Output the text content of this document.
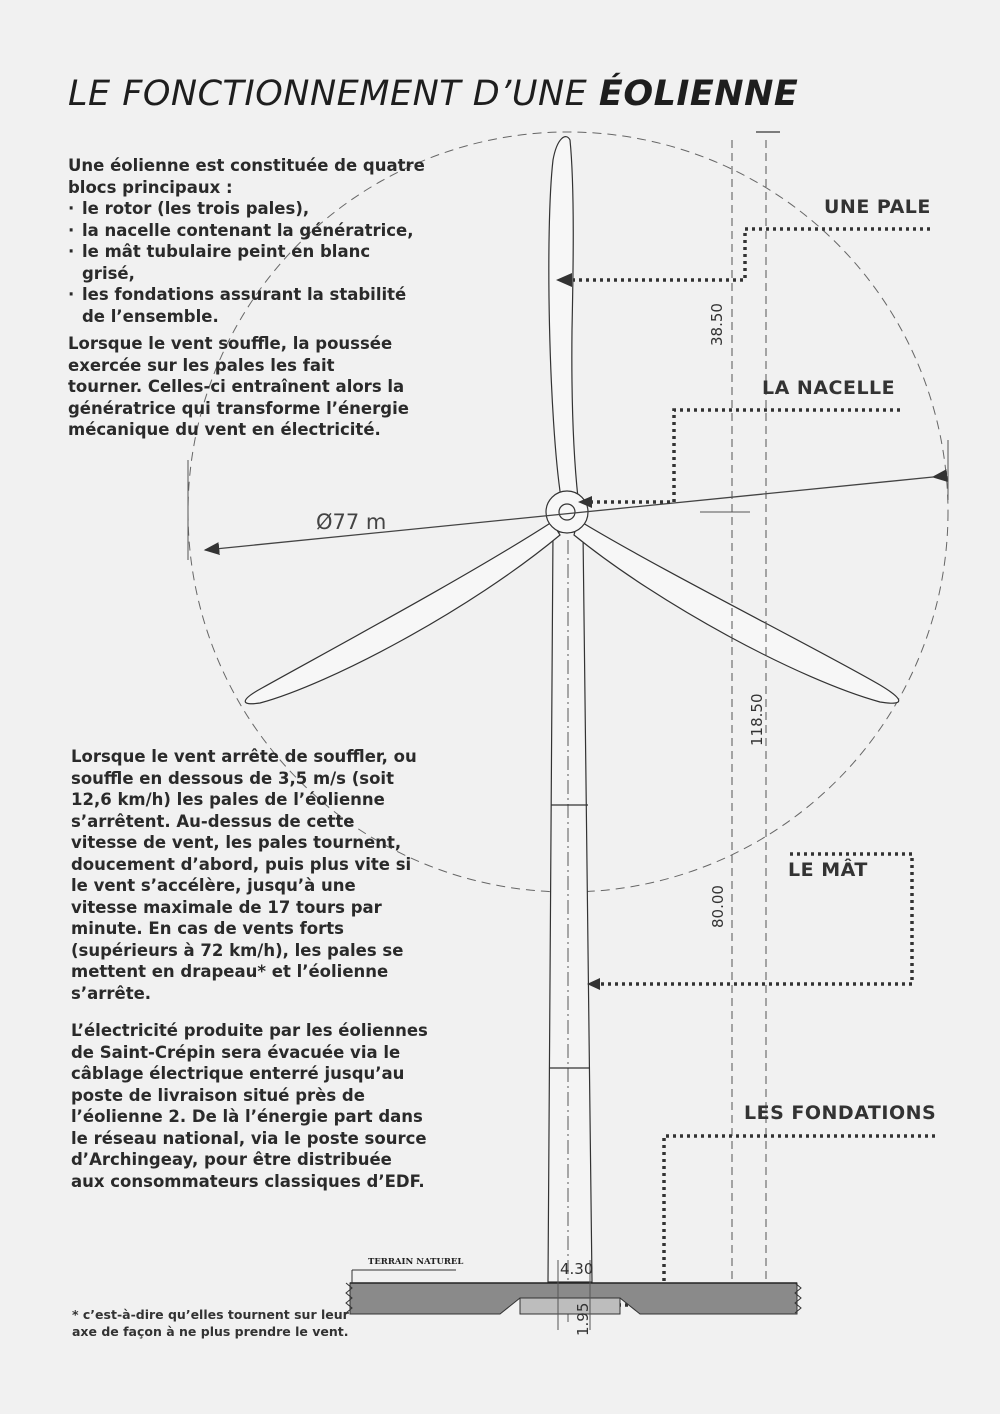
LE FONCTIONNEMENT D’UNE ÉOLIENNE

Une éolienne est constituée de quatre

blocs principaux :

· le rotor (les trois pales),
· la nacelle contenant la génératrice,
· le mât tubulaire peint en blanc grisé,
· les fondations assurant la stabilité de l’ensemble.
Lorsque le vent souffle, la poussée exercée sur les pales les fait tourner. Celles-ci entraînent alors la génératrice qui transforme l’énergie mécanique du vent en électricité.
Lorsque le vent arrête de souffler, ou souffle en dessous de 3,5 m/s (soit 12,6 km/h) les pales de l’éolienne s’arrêtent. Au-dessus de cette vitesse de vent, les pales tournent, doucement d’abord, puis plus vite si le vent s’accélère, jusqu’à une vitesse maximale de 17 tours par minute. En cas de vents forts (supérieurs à 72 km/h), les pales se mettent en drapeau* et l’éolienne s’arrête.
L’électricité produite par les éoliennes de Saint-Crépin sera évacuée via le câblage électrique enterré jusqu’au poste de livraison situé près de l’éolienne 2. De là l’énergie part dans le réseau national, via le poste source d’Archingeay, pour être distribuée aux consommateurs classiques d’EDF.
* c’est-à-dire qu’elles tournent sur leur axe de façon à ne plus prendre le vent.
UNE PALE
LA NACELLE
LE MÂT
LES FONDATIONS
Ø77 m
38.50
118.50
80.00
4.30
1.95
TERRAIN NATUREL
